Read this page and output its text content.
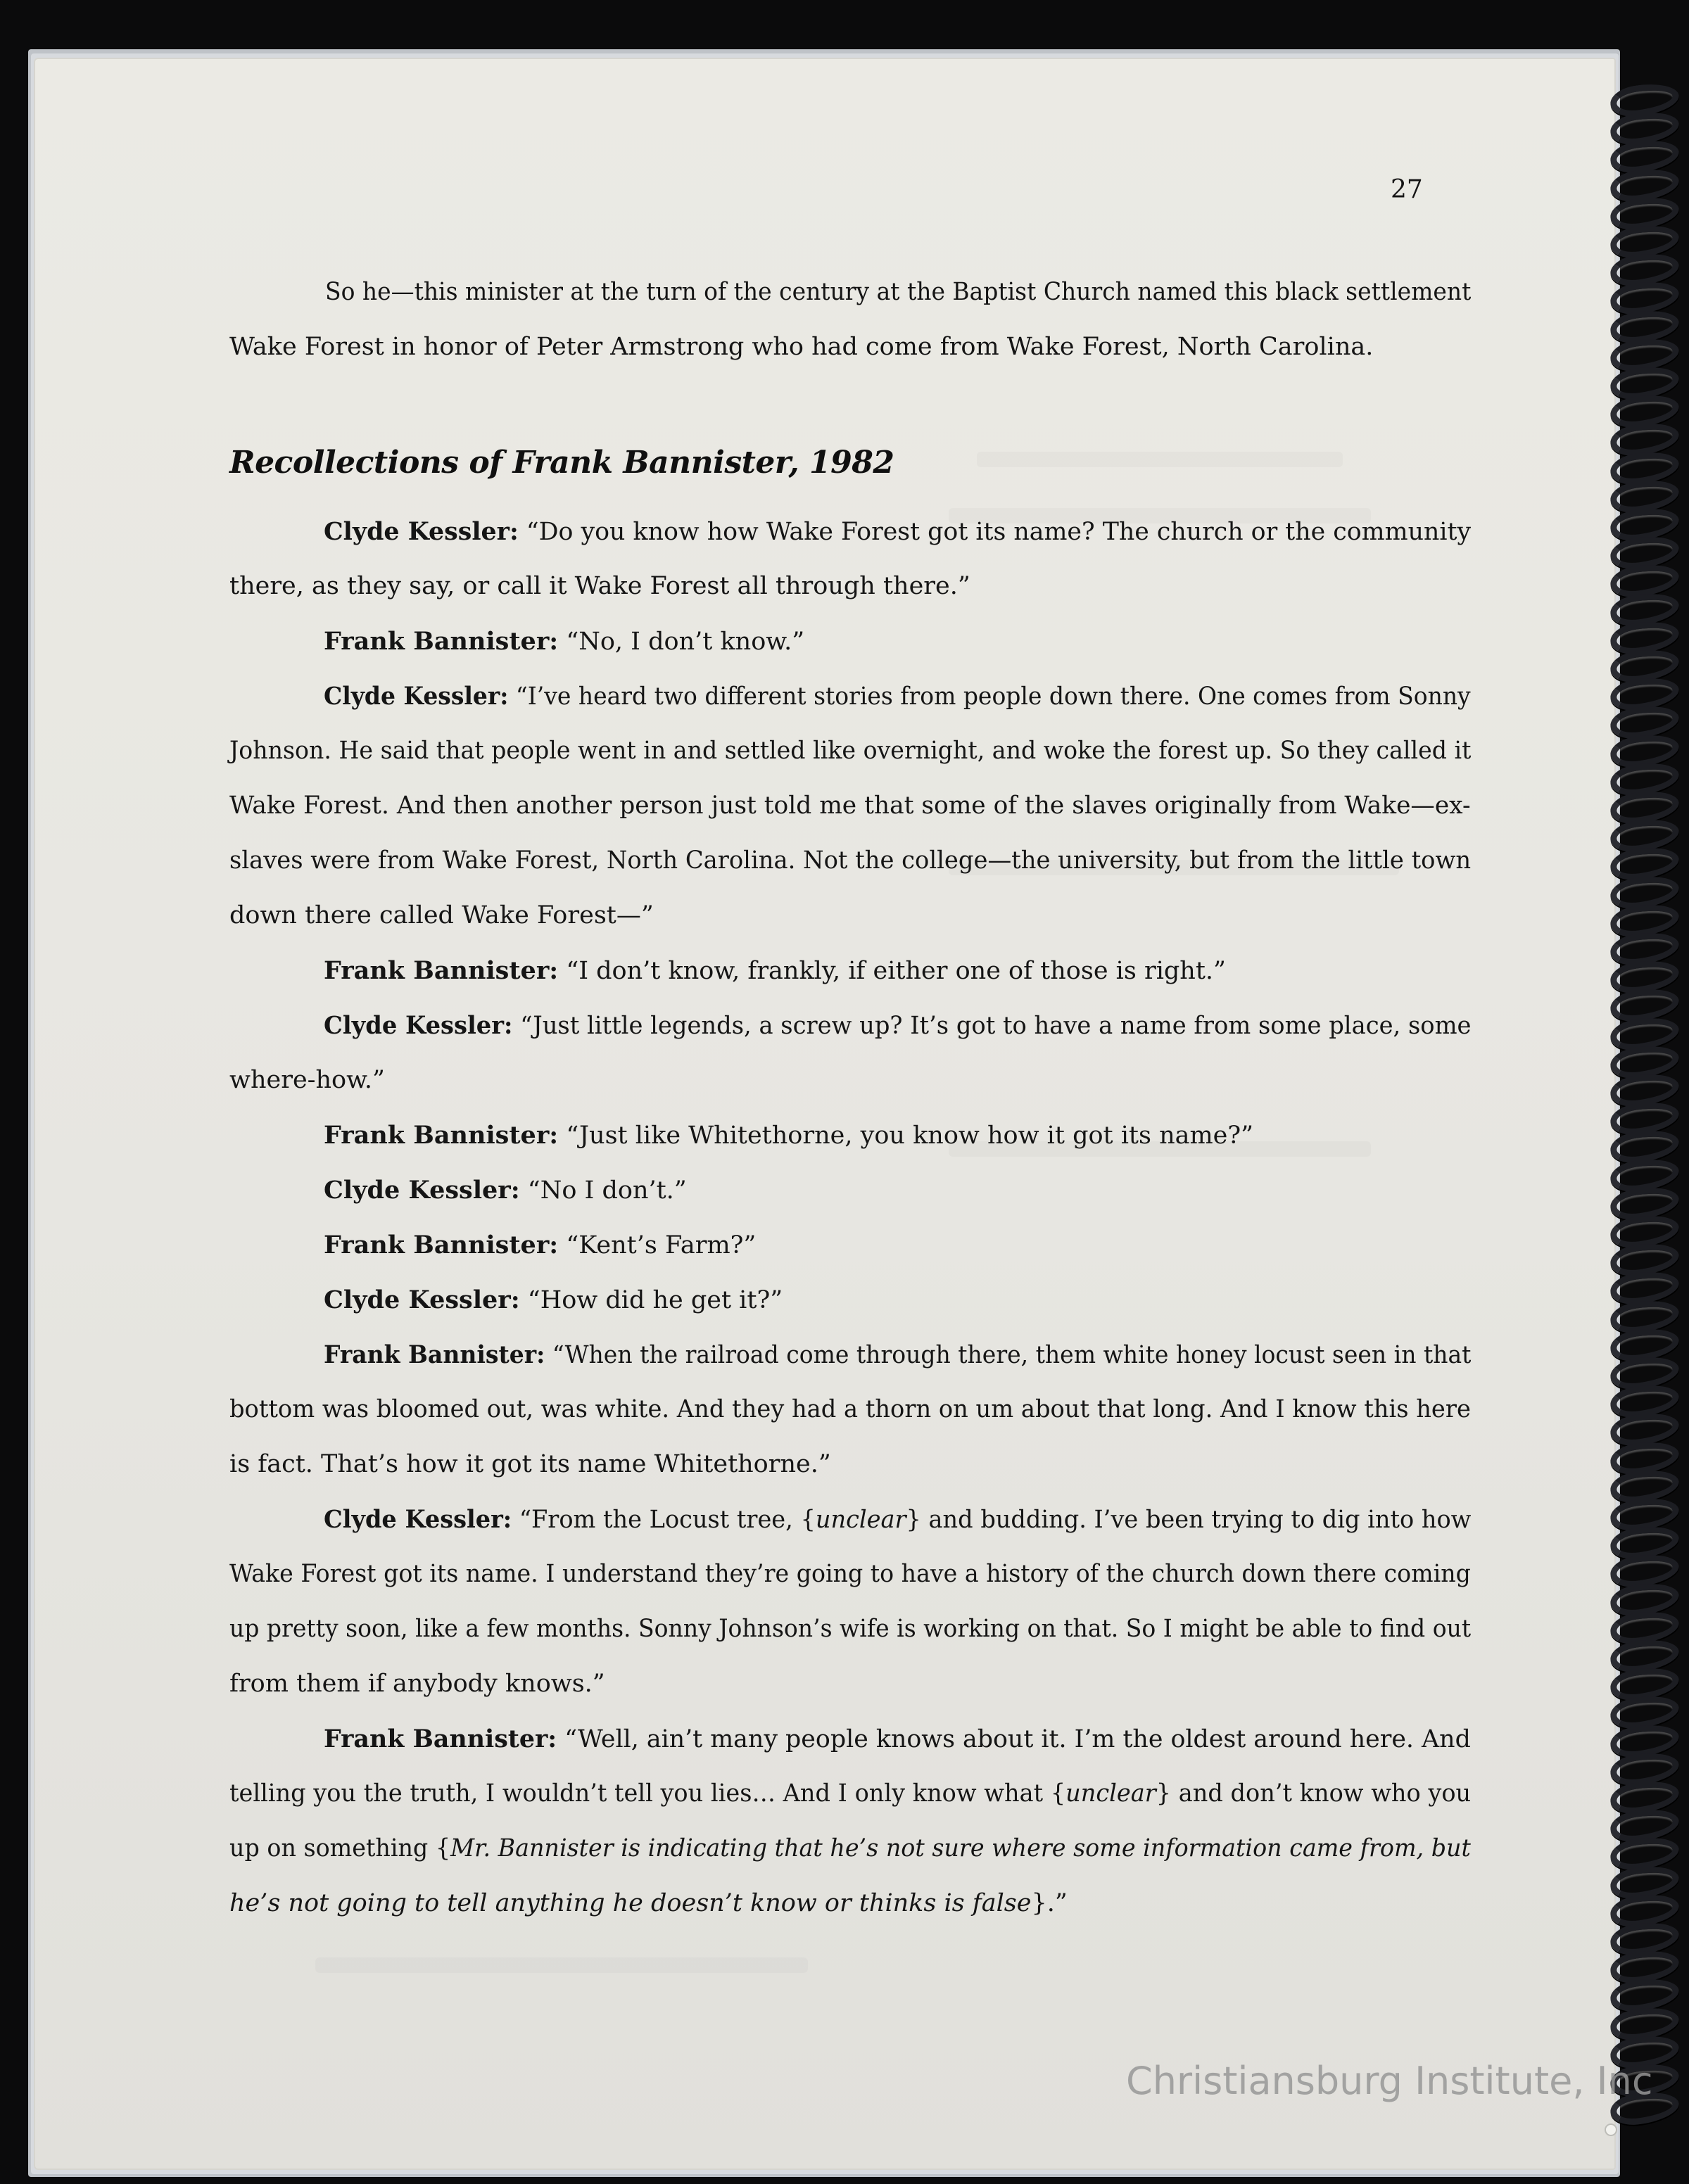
27
So he—this minister at the turn of the century at the Baptist Church named this black settlement
Wake Forest in honor of Peter Armstrong who had come from Wake Forest, North Carolina.
Recollections of Frank Bannister, 1982
Clyde Kessler: “Do you know how Wake Forest got its name? The church or the community
there, as they say, or call it Wake Forest all through there.”
Frank Bannister: “No, I don’t know.”
Clyde Kessler: “I’ve heard two different stories from people down there. One comes from Sonny
Johnson. He said that people went in and settled like overnight, and woke the forest up. So they called it
Wake Forest. And then another person just told me that some of the slaves originally from Wake—ex-
slaves were from Wake Forest, North Carolina. Not the college—the university, but from the little town
down there called Wake Forest—”
Frank Bannister: “I don’t know, frankly, if either one of those is right.”
Clyde Kessler: “Just little legends, a screw up? It’s got to have a name from some place, some
where-how.”
Frank Bannister: “Just like Whitethorne, you know how it got its name?”
Clyde Kessler: “No I don’t.”
Frank Bannister: “Kent’s Farm?”
Clyde Kessler: “How did he get it?”
Frank Bannister: “When the railroad come through there, them white honey locust seen in that
bottom was bloomed out, was white. And they had a thorn on um about that long. And I know this here
is fact. That’s how it got its name Whitethorne.”
Clyde Kessler: “From the Locust tree, {unclear} and budding. I’ve been trying to dig into how
Wake Forest got its name. I understand they’re going to have a history of the church down there coming
up pretty soon, like a few months. Sonny Johnson’s wife is working on that. So I might be able to find out
from them if anybody knows.”
Frank Bannister: “Well, ain’t many people knows about it. I’m the oldest around here. And
telling you the truth, I wouldn’t tell you lies… And I only know what {unclear} and don’t know who you
up on something {Mr. Bannister is indicating that he’s not sure where some information came from, but
he’s not going to tell anything he doesn’t know or thinks is false}.”
Christiansburg Institute, Inc
